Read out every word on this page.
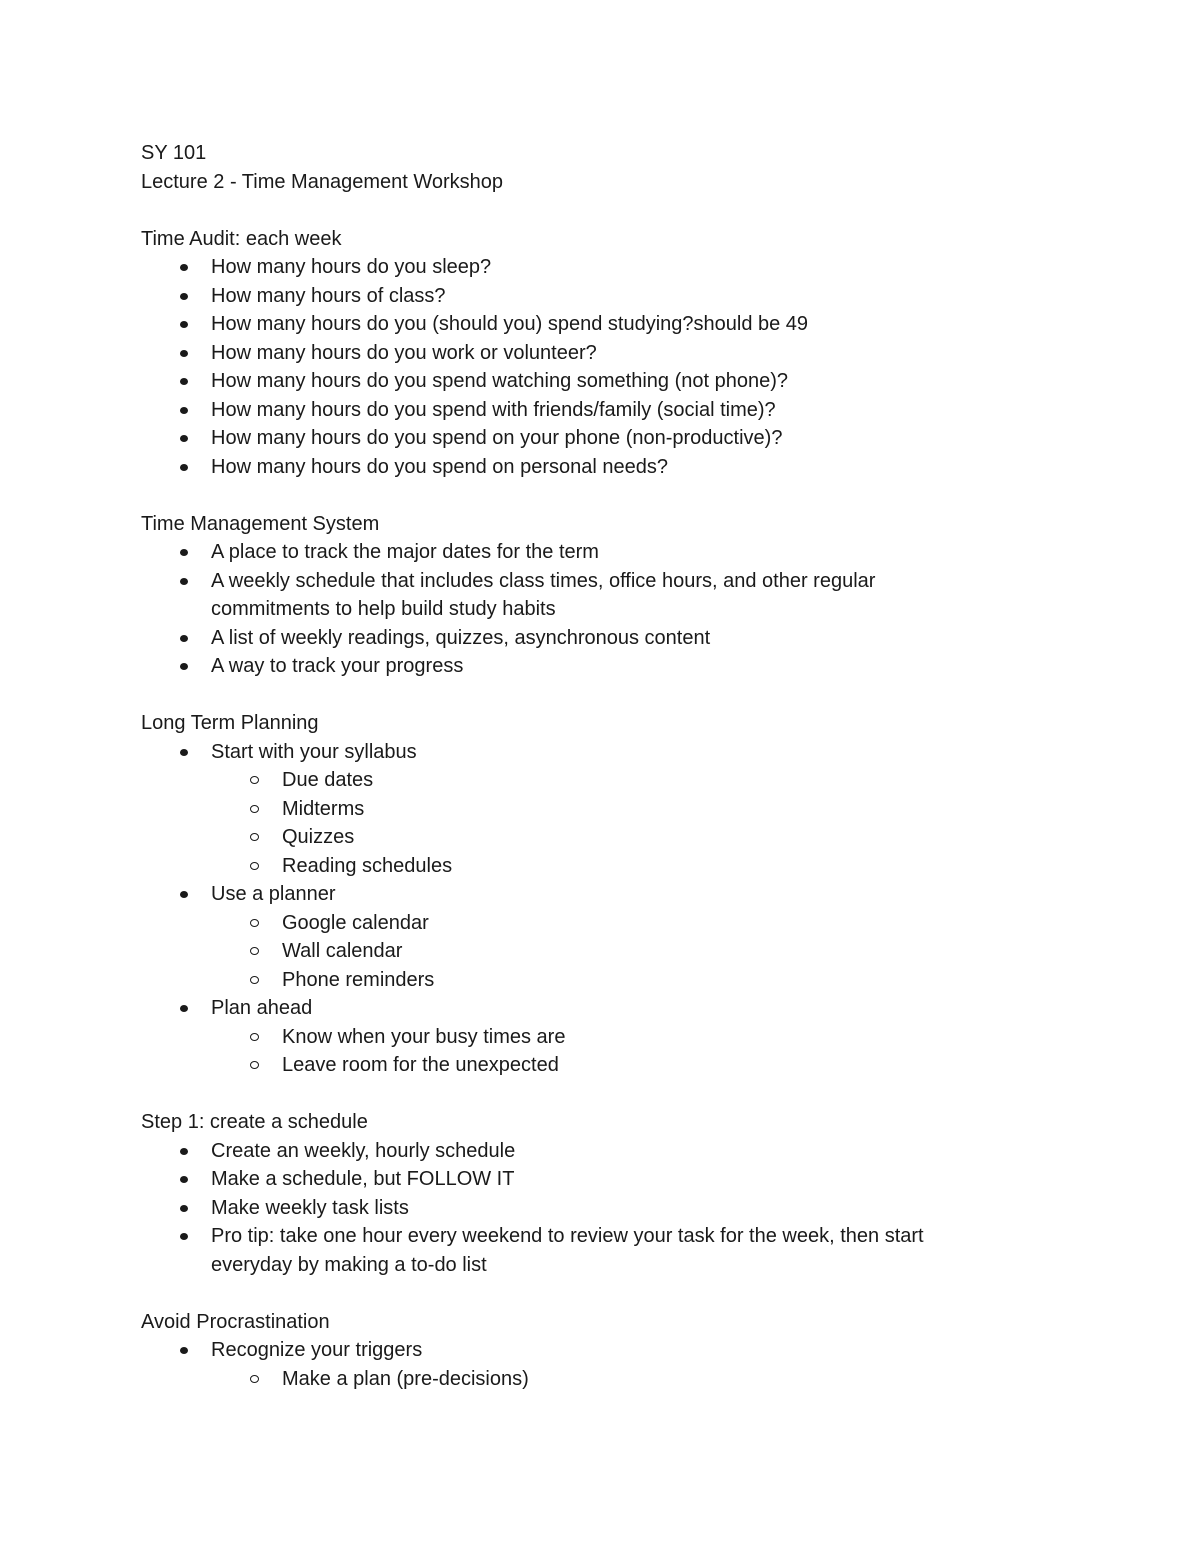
SY 101

Lecture 2 - Time Management Workshop

Time Audit: each week

How many hours do you sleep?
How many hours of class?
How many hours do you (should you) spend studying?should be 49
How many hours do you work or volunteer?
How many hours do you spend watching something (not phone)?
How many hours do you spend with friends/family (social time)?
How many hours do you spend on your phone (non-productive)?
How many hours do you spend on personal needs?

Time Management System

A place to track the major dates for the term
A weekly schedule that includes class times, office hours, and other regular
commitments to help build study habits
A list of weekly readings, quizzes, asynchronous content
A way to track your progress

Long Term Planning

Start with your syllabus
Due dates
Midterms
Quizzes
Reading schedules
Use a planner
Google calendar
Wall calendar
Phone reminders
Plan ahead
Know when your busy times are
Leave room for the unexpected

Step 1: create a schedule

Create an weekly, hourly schedule
Make a schedule, but FOLLOW IT
Make weekly task lists
Pro tip: take one hour every weekend to review your task for the week, then start
everyday by making a to-do list

Avoid Procrastination

Recognize your triggers
Make a plan (pre-decisions)
